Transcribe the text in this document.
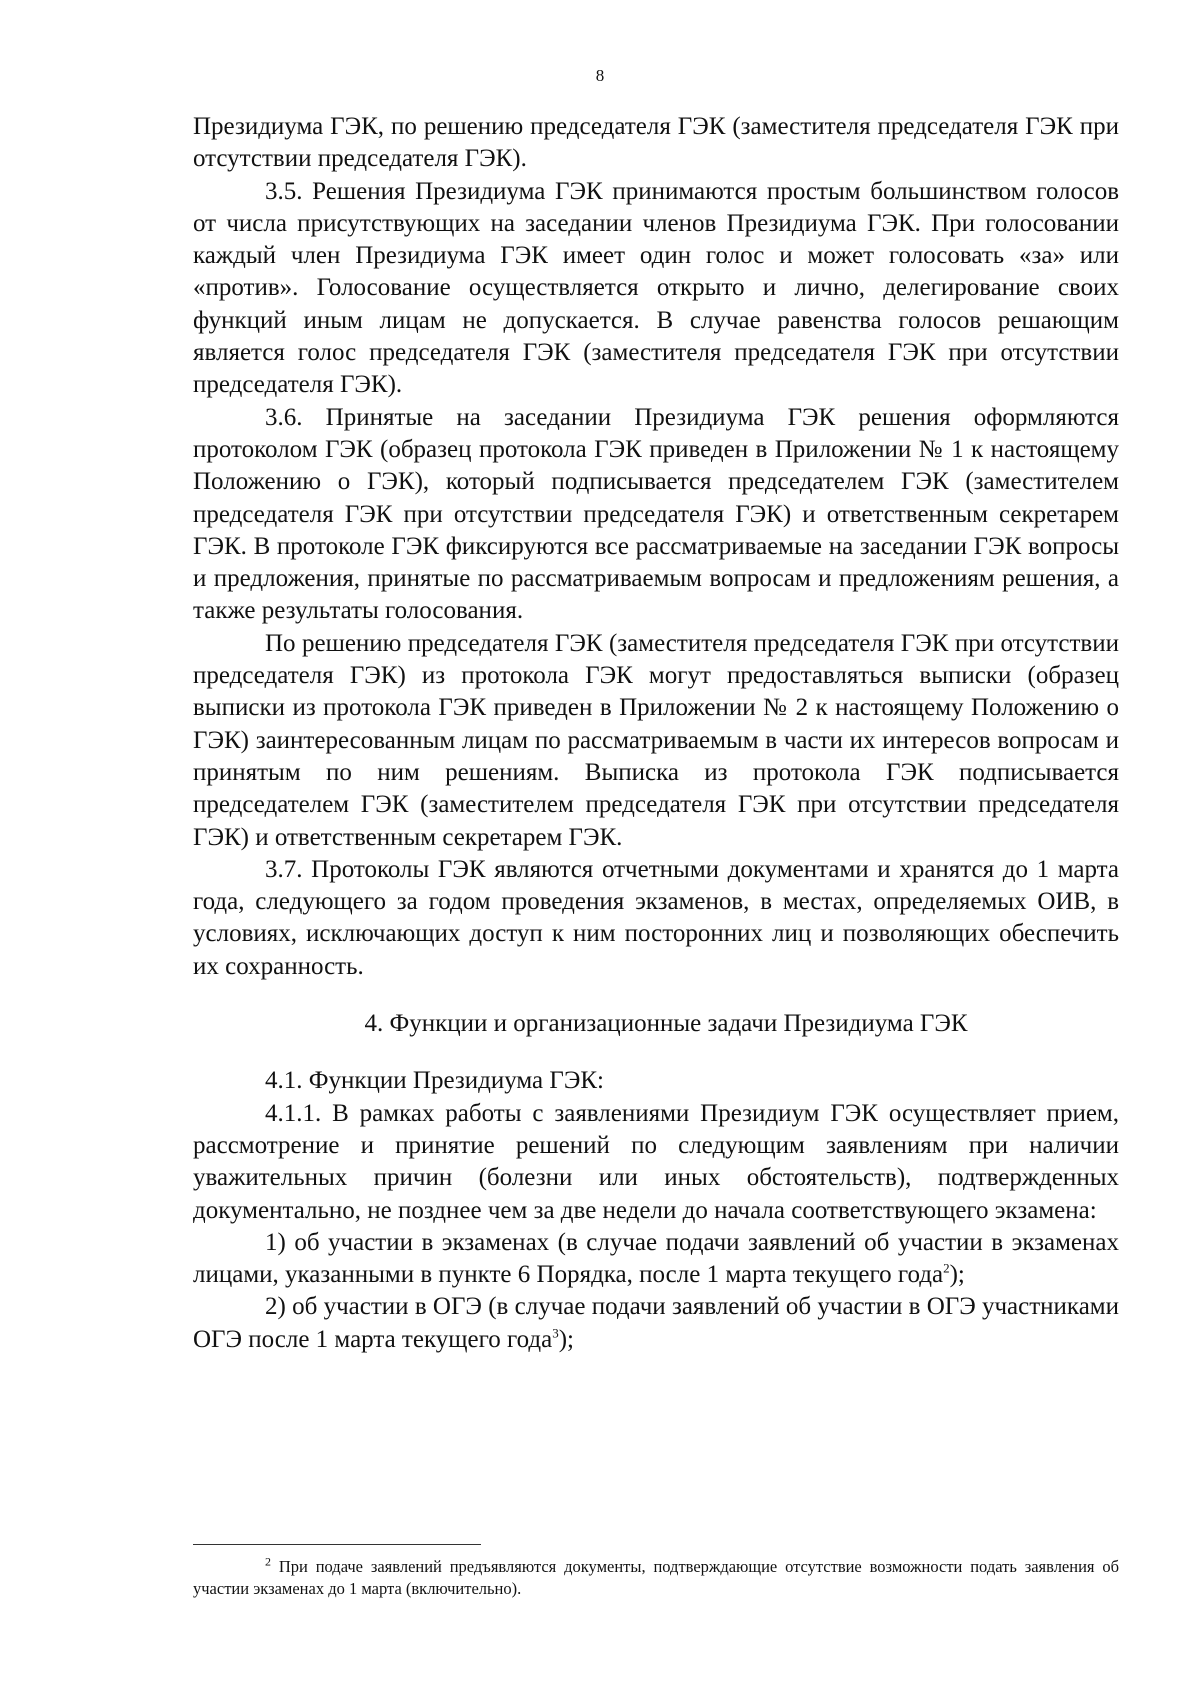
8

Президиума ГЭК, по решению председателя ГЭК (заместителя председателя ГЭК при отсутствии председателя ГЭК).

3.5. Решения Президиума ГЭК принимаются простым большинством голосов от числа присутствующих на заседании членов Президиума ГЭК. При голосовании каждый член Президиума ГЭК имеет один голос и может голосовать «за» или «против». Голосование осуществляется открыто и лично, делегирование своих функций иным лицам не допускается. В случае равенства голосов решающим является голос председателя ГЭК (заместителя председателя ГЭК при отсутствии председателя ГЭК).

3.6. Принятые на заседании Президиума ГЭК решения оформляются протоколом ГЭК (образец протокола ГЭК приведен в Приложении № 1 к настоящему Положению о ГЭК), который подписывается председателем ГЭК (заместителем председателя ГЭК при отсутствии председателя ГЭК) и ответственным секретарем ГЭК. В протоколе ГЭК фиксируются все рассматриваемые на заседании ГЭК вопросы и предложения, принятые по рассматриваемым вопросам и предложениям решения, а также результаты голосования.

По решению председателя ГЭК (заместителя председателя ГЭК при отсутствии председателя ГЭК) из протокола ГЭК могут предоставляться выписки (образец выписки из протокола ГЭК приведен в Приложении № 2 к настоящему Положению о ГЭК) заинтересованным лицам по рассматриваемым в части их интересов вопросам и принятым по ним решениям. Выписка из протокола ГЭК подписывается председателем ГЭК (заместителем председателя ГЭК при отсутствии председателя ГЭК) и ответственным секретарем ГЭК.

3.7. Протоколы ГЭК являются отчетными документами и хранятся до 1 марта года, следующего за годом проведения экзаменов, в местах, определяемых ОИВ, в условиях, исключающих доступ к ним посторонних лиц и позволяющих обеспечить их сохранность.

4. Функции и организационные задачи Президиума ГЭК

4.1. Функции Президиума ГЭК:

4.1.1. В рамках работы с заявлениями Президиум ГЭК осуществляет прием, рассмотрение и принятие решений по следующим заявлениям при наличии уважительных причин (болезни или иных обстоятельств), подтвержденных документально, не позднее чем за две недели до начала соответствующего экзамена:

1) об участии в экзаменах (в случае подачи заявлений об участии в экзаменах лицами, указанными в пункте 6 Порядка, после 1 марта текущего года$^2$);

2) об участии в ОГЭ (в случае подачи заявлений об участии в ОГЭ участниками ОГЭ после 1 марта текущего года$^3$);

$^2$ При подаче заявлений предъявляются документы, подтверждающие отсутствие возможности подать заявления об участии экзаменах до 1 марта (включительно).
